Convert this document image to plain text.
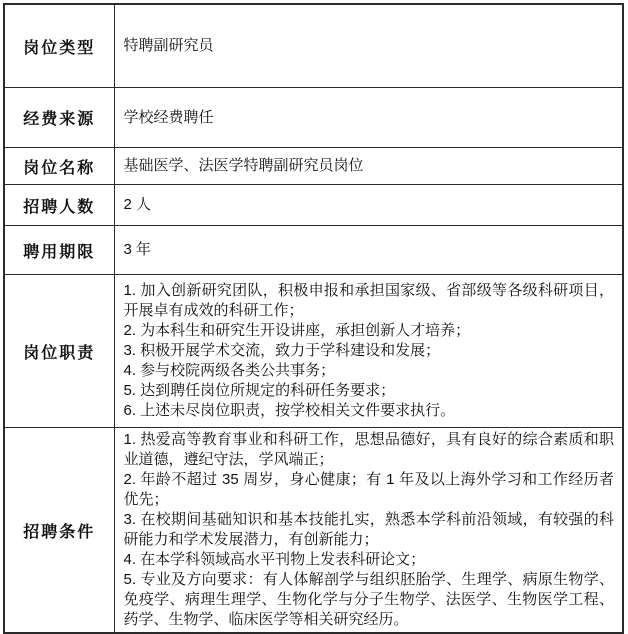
岗位类型	特聘副研究员
经费来源	学校经费聘任
岗位名称	基础医学、法医学特聘副研究员岗位
招聘人数	2 人
聘用期限	3 年
岗位职责	
1. 加入创新研究团队，积极申报和承担国家级、省部级等各级科研项目，开展卓有成效的科研工作；
2. 为本科生和研究生开设讲座，承担创新人才培养；
3. 积极开展学术交流，致力于学科建设和发展；
4. 参与校院两级各类公共事务；
5. 达到聘任岗位所规定的科研任务要求；
6. 上述未尽岗位职责，按学校相关文件要求执行。

招聘条件	1. 热爱高等教育事业和科研工作，思想品德好，具有良好的综合素质和职业道德，遵纪守法，学风端正；
2. 年龄不超过 35 周岁，身心健康；有 1 年及以上海外学习和工作经历者优先；
3. 在校期间基础知识和基本技能扎实，熟悉本学科前沿领域，有较强的科研能力和学术发展潜力，有创新能力；
4. 在本学科领域高水平刊物上发表科研论文；
5. 专业及方向要求：有人体解剖学与组织胚胎学、生理学、病原生物学、免疫学、病理生理学、生物化学与分子生物学、法医学、生物医学工程、药学、生物学、临床医学等相关研究经历。
